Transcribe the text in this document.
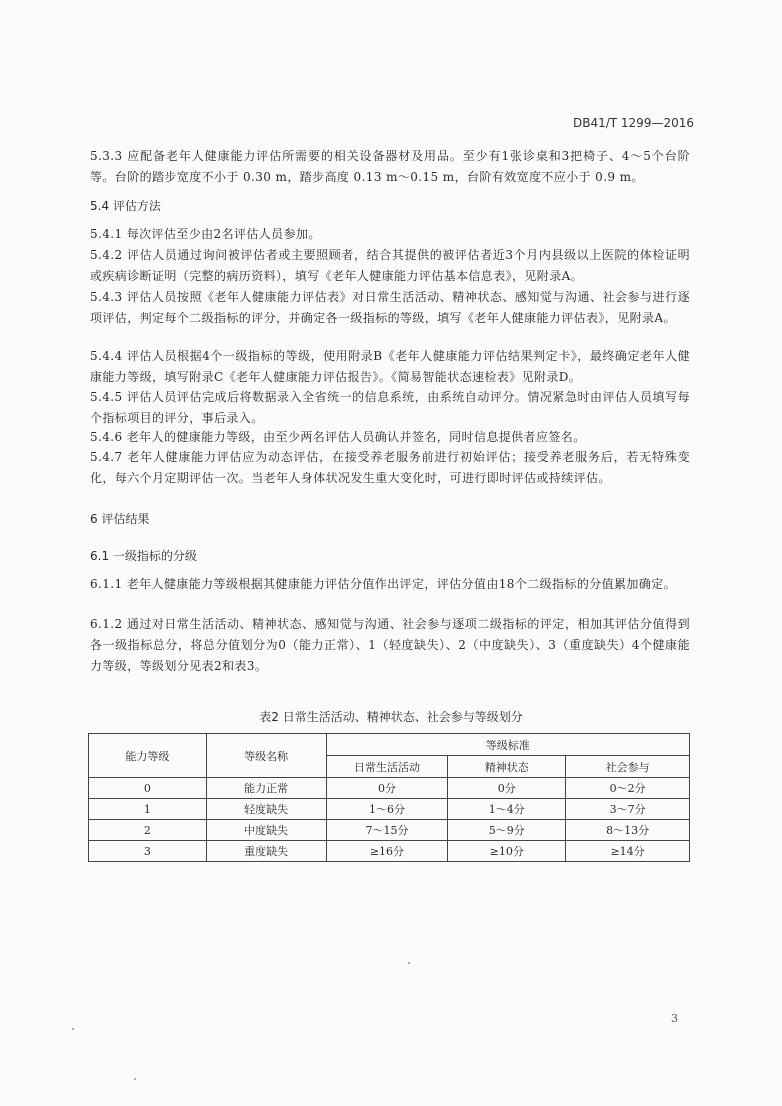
DB41/T 1299—2016

5.3.3 应配备老年人健康能力评估所需要的相关设备器材及用品。至少有1张诊桌和3把椅子、4～5个台阶等。台阶的踏步宽度不小于 0.30 m，踏步高度 0.13 m～0.15 m，台阶有效宽度不应小于 0.9 m。

5.4 评估方法

5.4.1 每次评估至少由2名评估人员参加。

5.4.2 评估人员通过询问被评估者或主要照顾者，结合其提供的被评估者近3个月内县级以上医院的体检证明或疾病诊断证明（完整的病历资料），填写《老年人健康能力评估基本信息表》，见附录A。

5.4.3 评估人员按照《老年人健康能力评估表》对日常生活活动、精神状态、感知觉与沟通、社会参与进行逐项评估，判定每个二级指标的评分，并确定各一级指标的等级，填写《老年人健康能力评估表》，见附录A。

5.4.4 评估人员根据4个一级指标的等级，使用附录B《老年人健康能力评估结果判定卡》，最终确定老年人健康能力等级，填写附录C《老年人健康能力评估报告》。《简易智能状态速检表》见附录D。

5.4.5 评估人员评估完成后将数据录入全省统一的信息系统，由系统自动评分。情况紧急时由评估人员填写每个指标项目的评分，事后录入。

5.4.6 老年人的健康能力等级，由至少两名评估人员确认并签名，同时信息提供者应签名。

5.4.7 老年人健康能力评估应为动态评估，在接受养老服务前进行初始评估；接受养老服务后，若无特殊变化，每六个月定期评估一次。当老年人身体状况发生重大变化时，可进行即时评估或持续评估。

6 评估结果
6.1 一级指标的分级

6.1.1 老年人健康能力等级根据其健康能力评估分值作出评定，评估分值由18个二级指标的分值累加确定。

6.1.2 通过对日常生活活动、精神状态、感知觉与沟通、社会参与逐项二级指标的评定，相加其评估分值得到各一级指标总分，将总分值划分为0（能力正常）、1（轻度缺失）、2（中度缺失）、3（重度缺失）4个健康能力等级，等级划分见表2和表3。

表2 日常生活活动、精神状态、社会参与等级划分
能力等级	等级名称	等级标准		
		日常生活活动	精神状态	社会参与
0	能力正常	0分	0分	0～2分
1	轻度缺失	1～6分	1～4分	3～7分
2	中度缺失	7～15分	5～9分	8～13分
3	重度缺失	≥16分	≥10分	≥14分
3
